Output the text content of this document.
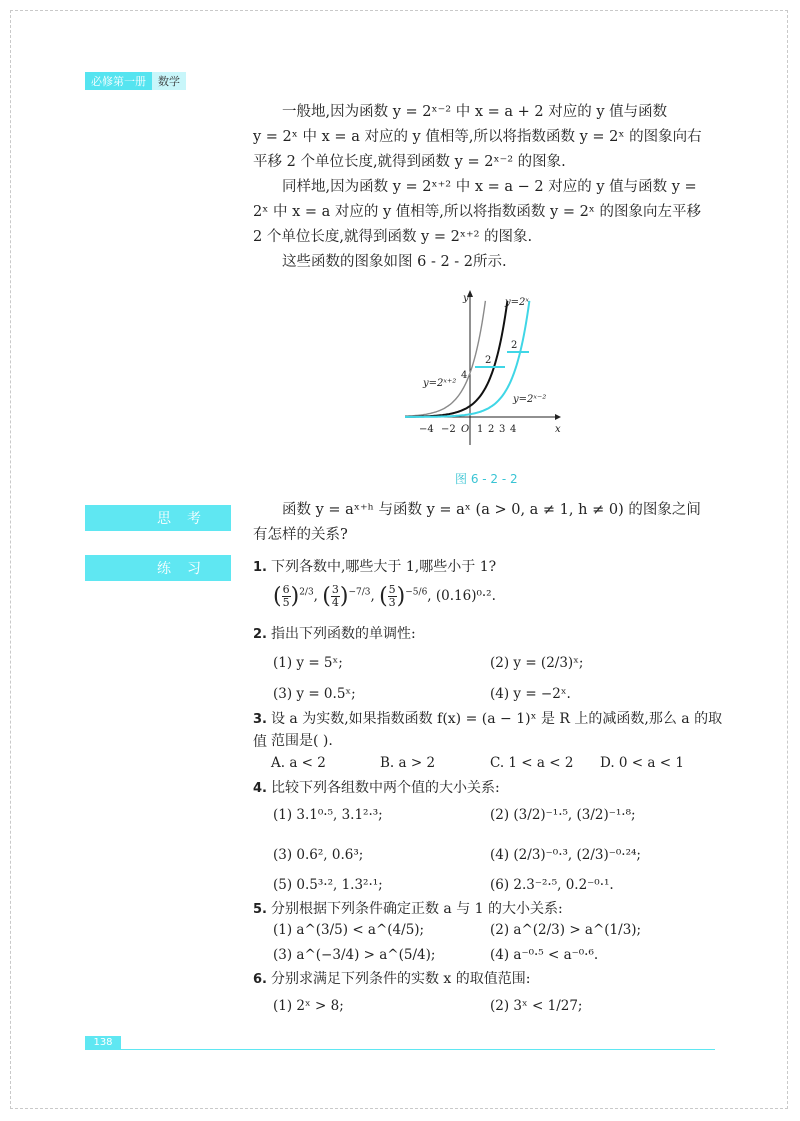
必修第一册	数学
一般地,因为函数 y = 2ˣ⁻² 中 x = a + 2 对应的 y 值与函数
y = 2ˣ 中 x = a 对应的 y 值相等,所以将指数函数 y = 2ˣ 的图象向右
平移 2 个单位长度,就得到函数 y = 2ˣ⁻² 的图象.
同样地,因为函数 y = 2ˣ⁺² 中 x = a − 2 对应的 y 值与函数 y =
2ˣ 中 x = a 对应的 y 值相等,所以将指数函数 y = 2ˣ 的图象向左平移
2 个单位长度,就得到函数 y = 2ˣ⁺² 的图象.
这些函数的图象如图 6 - 2 - 2所示.
y
x
O
y=2ˣ
y=2ˣ⁺²
y=2ˣ⁻²
2
2
4
−4 −2 1 2 3 4
图 6 - 2 - 2
思考
函数 y = aˣ⁺ʰ 与函数 y = aˣ (a > 0, a ≠ 1, h ≠ 0) 的图象之间
有怎样的关系?
练习	1. 下列各数中,哪些大于 1,哪些小于 1?
( $\frac{6}{5} )^{2/3}$, ( $\frac{3}{4} )^{-7/3}$, ( $\frac{5}{3} )^{-5/6}$, (0.16)⁰·².
2. 指出下列函数的单调性:
(1) y = 5ˣ;	(2) y = (2/3)ˣ;
(3) y = 0.5ˣ;	(4) y = −2ˣ.
3. 设 a 为实数,如果指数函数 f(x) = (a − 1)ˣ 是 R 上的减函数,那么 a 的取值 范围是( ).
A. a < 2	B. a > 2	C. 1 < a < 2 D. 0 < a < 1
4. 比较下列各组数中两个值的大小关系:
(1) 3.1⁰·⁵, 3.1²·³;	(2) (3/2)⁻¹·⁵, (3/2)⁻¹·⁸;
(3) 0.6², 0.6³;	(4) (2/3)⁻⁰·³, (2/3)⁻⁰·²⁴;
(5) 0.5³·², 1.3²·¹;	(6) 2.3⁻²·⁵, 0.2⁻⁰·¹.
5. 分别根据下列条件确定正数 a 与 1 的大小关系:
(1) a^(3/5) < a^(4/5);	(2) a^(2/3) > a^(1/3);
(3) a^(−3/4) > a^(5/4);	(4) a⁻⁰·⁵ < a⁻⁰·⁶.
6. 分别求满足下列条件的实数 x 的取值范围:
(1) 2ˣ > 8;	(2) 3ˣ < 1/27;
138
